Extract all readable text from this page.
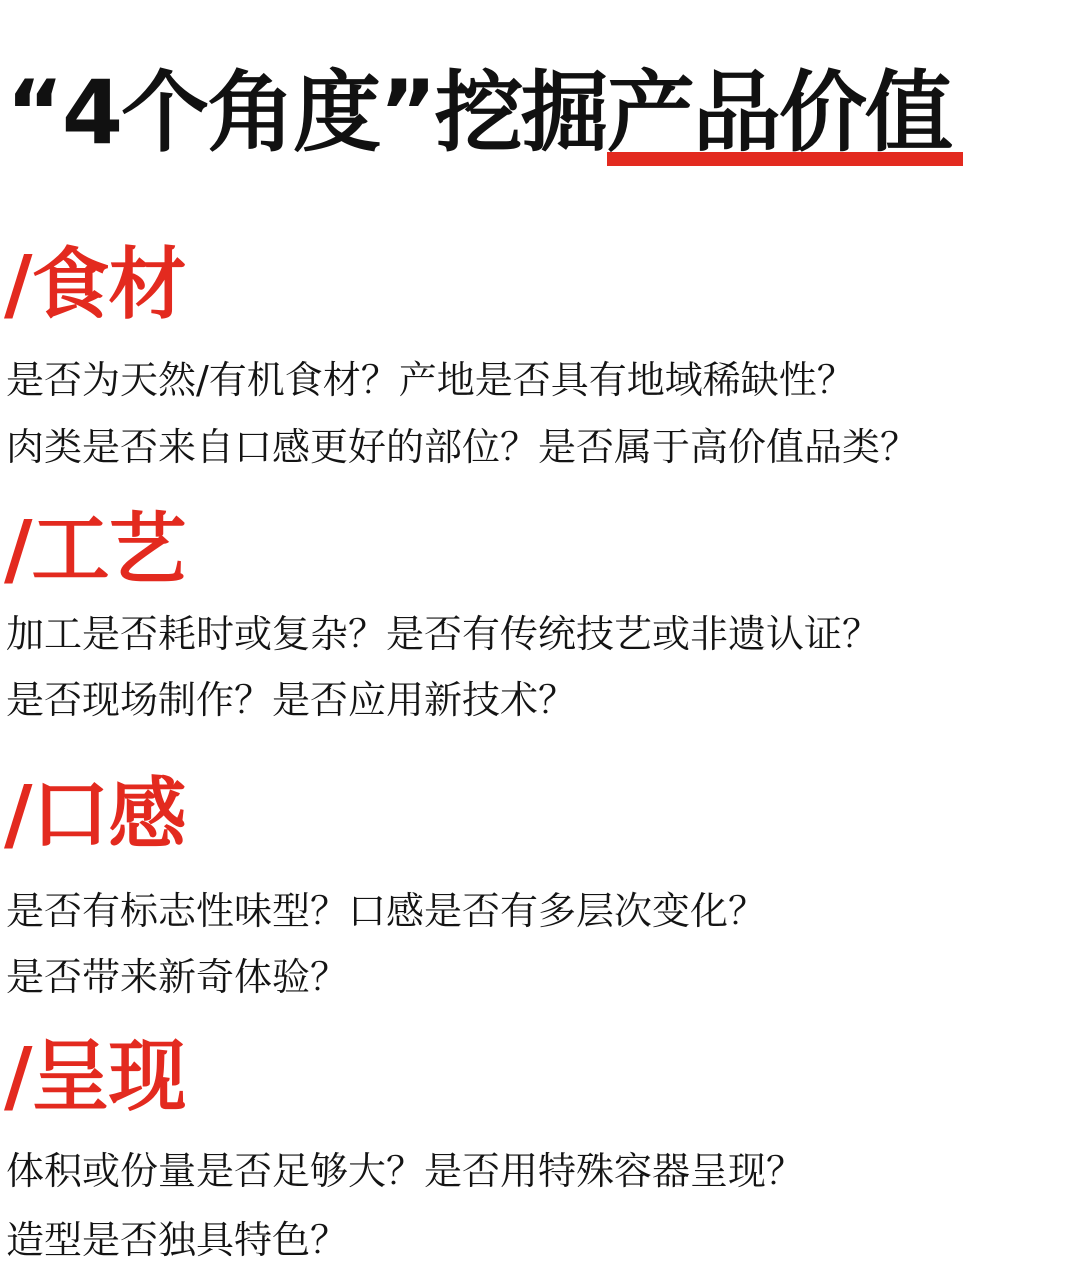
“4个角度”挖掘
产品价值
/食材
是否为天然/有机食材？产地是否具有地域稀缺性？
肉类是否来自口感更好的部位？是否属于高价值品类？
/工艺
加工是否耗时或复杂？是否有传统技艺或非遗认证？
是否现场制作？是否应用新技术？
/口感
是否有标志性味型？口感是否有多层次变化？
是否带来新奇体验？
/呈现
体积或份量是否足够大？是否用特殊容器呈现？
造型是否独具特色？
